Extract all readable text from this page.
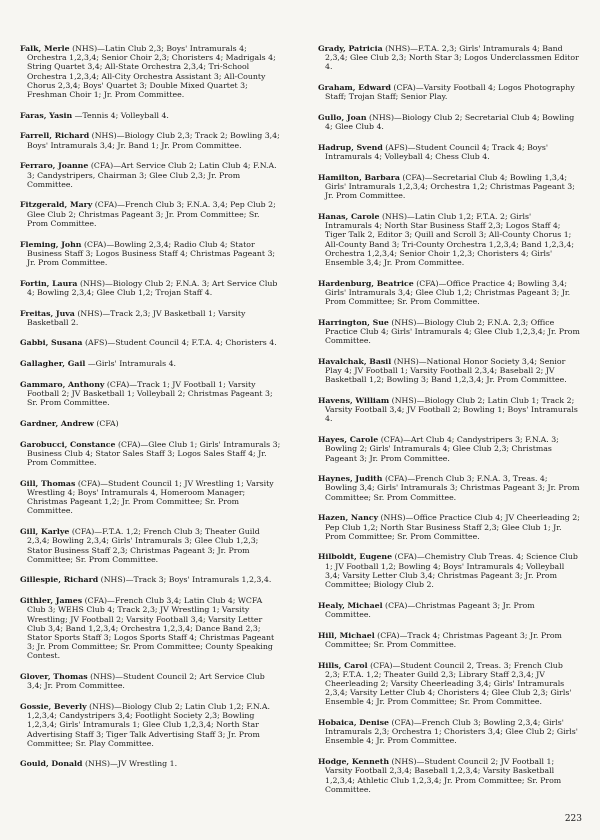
Falk, Merle (NHS)—Latin Club 2,3; Boys' Intramurals 4; Orchestra 1,2,3,4; Senior Choir 2,3; Choristers 4; Madrigals 4; String Quartet 3,4; All-State Orchestra 2,3,4; Tri-School Orchestra 1,2,3,4; All-City Orchestra Assistant 3; All-County Chorus 2,3,4; Boys' Quartet 3; Double Mixed Quartet 3; Freshman Choir 1; Jr. Prom Committee.

Faras, Yasin —Tennis 4; Volleyball 4.

Farrell, Richard (NHS)—Biology Club 2,3; Track 2; Bowling 3,4; Boys' Intramurals 3,4; Jr. Band 1; Jr. Prom Committee.

Ferraro, Joanne (CFA)—Art Service Club 2; Latin Club 4; F.N.A. 3; Candystripers, Chairman 3; Glee Club 2,3; Jr. Prom Committee.

Fitzgerald, Mary (CFA)—French Club 3; F.N.A. 3,4; Pep Club 2; Glee Club 2; Christmas Pageant 3; Jr. Prom Committee; Sr. Prom Committee.

Fleming, John (CFA)—Bowling 2,3,4; Radio Club 4; Stator Business Staff 3; Logos Business Staff 4; Christmas Pageant 3; Jr. Prom Committee.

Fortin, Laura (NHS)—Biology Club 2; F.N.A. 3; Art Service Club 4; Bowling 2,3,4; Glee Club 1,2; Trojan Staff 4.

Freitas, Juva (NHS)—Track 2,3; JV Basketball 1; Varsity Basketball 2.

Gabbi, Susana (AFS)—Student Council 4; F.T.A. 4; Choristers 4.

Gallagher, Gail —Girls' Intramurals 4.

Gammaro, Anthony (CFA)—Track 1; JV Football 1; Varsity Football 2; JV Basketball 1; Volleyball 2; Christmas Pageant 3; Sr. Prom Committee.

Gardner, Andrew (CFA)

Garobucci, Constance (CFA)—Glee Club 1; Girls' Intramurals 3; Business Club 4; Stator Sales Staff 3; Logos Sales Staff 4; Jr. Prom Committee.

Gill, Thomas (CFA)—Student Council 1; JV Wrestling 1; Varsity Wrestling 4; Boys' Intramurals 4, Homeroom Manager; Christmas Pageant 1,2; Jr. Prom Committee; Sr. Prom Committee.

Gill, Karlye (CFA)—F.T.A. 1,2; French Club 3; Theater Guild 2,3,4; Bowling 2,3,4; Girls' Intramurals 3; Glee Club 1,2,3; Stator Business Staff 2,3; Christmas Pageant 3; Jr. Prom Committee; Sr. Prom Committee.

Gillespie, Richard (NHS)—Track 3; Boys' Intramurals 1,2,3,4.

Githler, James (CFA)—French Club 3,4; Latin Club 4; WCFA Club 3; WEHS Club 4; Track 2,3; JV Wrestling 1; Varsity Wrestling; JV Football 2; Varsity Football 3,4; Varsity Letter Club 3,4; Band 1,2,3,4; Orchestra 1,2,3,4; Dance Band 2,3; Stator Sports Staff 3; Logos Sports Staff 4; Christmas Pageant 3; Jr. Prom Committee; Sr. Prom Committee; County Speaking Contest.

Glover, Thomas (NHS)—Student Council 2; Art Service Club 3,4; Jr. Prom Committee.

Gossie, Beverly (NHS)—Biology Club 2; Latin Club 1,2; F.N.A. 1,2,3,4; Candystripers 3,4; Footlight Society 2,3; Bowling 1,2,3,4; Girls' Intramurals 1; Glee Club 1,2,3,4; North Star Advertising Staff 3; Tiger Talk Advertising Staff 3; Jr. Prom Committee; Sr. Play Committee.

Gould, Donald (NHS)—JV Wrestling 1.

Grady, Patricia (NHS)—F.T.A. 2,3; Girls' Intramurals 4; Band 2,3,4; Glee Club 2,3; North Star 3; Logos Underclassmen Editor 4.

Graham, Edward (CFA)—Varsity Football 4; Logos Photography Staff; Trojan Staff; Senior Play.

Gullo, Joan (NHS)—Biology Club 2; Secretarial Club 4; Bowling 4; Glee Club 4.

Hadrup, Svend (AFS)—Student Council 4; Track 4; Boys' Intramurals 4; Volleyball 4; Chess Club 4.

Hamilton, Barbara (CFA)—Secretarial Club 4; Bowling 1,3,4; Girls' Intramurals 1,2,3,4; Orchestra 1,2; Christmas Pageant 3; Jr. Prom Committee.

Hanas, Carole (NHS)—Latin Club 1,2; F.T.A. 2; Girls' Intramurals 4; North Star Business Staff 2,3; Logos Staff 4; Tiger Talk 2, Editor 3; Quill and Scroll 3; All-County Chorus 1; All-County Band 3; Tri-County Orchestra 1,2,3,4; Band 1,2,3,4; Orchestra 1,2,3,4; Senior Choir 1,2,3; Choristers 4; Girls' Ensemble 3,4; Jr. Prom Committee.

Hardenburg, Beatrice (CFA)—Office Practice 4; Bowling 3,4; Girls' Intramurals 3,4; Glee Club 1,2; Christmas Pageant 3; Jr. Prom Committee; Sr. Prom Committee.

Harrington, Sue (NHS)—Biology Club 2; F.N.A. 2,3; Office Practice Club 4; Girls' Intramurals 4; Glee Club 1,2,3,4; Jr. Prom Committee.

Havalchak, Basil (NHS)—National Honor Society 3,4; Senior Play 4; JV Football 1; Varsity Football 2,3,4; Baseball 2; JV Basketball 1,2; Bowling 3; Band 1,2,3,4; Jr. Prom Committee.

Havens, William (NHS)—Biology Club 2; Latin Club 1; Track 2; Varsity Football 3,4; JV Football 2; Bowling 1; Boys' Intramurals 4.

Hayes, Carole (CFA)—Art Club 4; Candystripers 3; F.N.A. 3; Bowling 2; Girls' Intramurals 4; Glee Club 2,3; Christmas Pageant 3; Jr. Prom Committee.

Haynes, Judith (CFA)—French Club 3; F.N.A. 3, Treas. 4; Bowling 3,4; Girls' Intramurals 3; Christmas Pageant 3; Jr. Prom Committee; Sr. Prom Committee.

Hazen, Nancy (NHS)—Office Practice Club 4; JV Cheerleading 2; Pep Club 1,2; North Star Business Staff 2,3; Glee Club 1; Jr. Prom Committee; Sr. Prom Committee.

Hilboldt, Eugene (CFA)—Chemistry Club Treas. 4; Science Club 1; JV Football 1,2; Bowling 4; Boys' Intramurals 4; Volleyball 3,4; Varsity Letter Club 3,4; Christmas Pageant 3; Jr. Prom Committee; Biology Club 2.

Healy, Michael (CFA)—Christmas Pageant 3; Jr. Prom Committee.

Hill, Michael (CFA)—Track 4; Christmas Pageant 3; Jr. Prom Committee; Sr. Prom Committee.

Hills, Carol (CFA)—Student Council 2, Treas. 3; French Club 2,3; F.T.A. 1,2; Theater Guild 2,3; Library Staff 2,3,4; JV Cheerleading 2; Varsity Cheerleading 3,4; Girls' Intramurals 2,3,4; Varsity Letter Club 4; Choristers 4; Glee Club 2,3; Girls' Ensemble 4; Jr. Prom Committee; Sr. Prom Committee.

Hobaica, Denise (CFA)—French Club 3; Bowling 2,3,4; Girls' Intramurals 2,3; Orchestra 1; Choristers 3,4; Glee Club 2; Girls' Ensemble 4; Jr. Prom Committee.

Hodge, Kenneth (NHS)—Student Council 2; JV Football 1; Varsity Football 2,3,4; Baseball 1,2,3,4; Varsity Basketball 1,2,3,4; Athletic Club 1,2,3,4; Jr. Prom Committee; Sr. Prom Committee.

223
